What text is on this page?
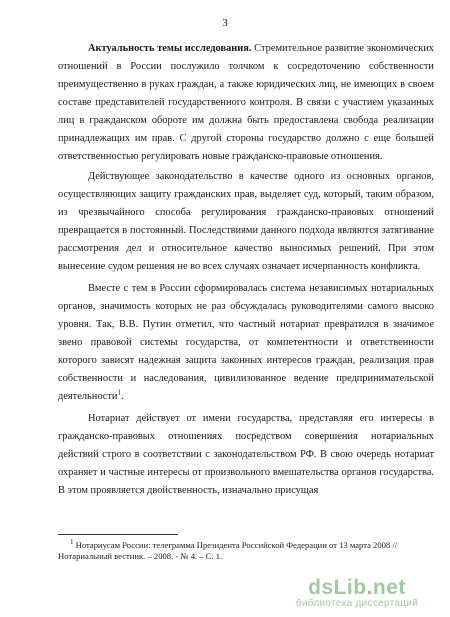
3

Актуальность темы исследования. Стремительное развитие экономических отношений в России послужило толчком к сосредоточению собственности преимущественно в руках граждан, а также юридических лиц, не имеющих в своем составе представителей государственного контроля. В связи с участием указанных лиц в гражданском обороте им должна быть предоставлена свобода реализации принадлежащих им прав. С другой стороны государство должно с еще большей ответственностью регулировать новые гражданско-правовые отношения.

Действующее законодательство в качестве одного из основных органов, осуществляющих защиту гражданских прав, выделяет суд, который, таким образом, из чрезвычайного способа регулирования гражданско-правовых отношений превращается в постоянный. Последствиями данного подхода являются затягивание рассмотрения дел и относительное качество выносимых решений. При этом вынесение судом решения не во всех случаях означает исчерпанность конфликта.

Вместе с тем в России сформировалась система независимых нотариальных органов, значимость которых не раз обсуждалась руководителями самого высоко уровня. Так, В.В. Путин отметил, что частный нотариат превратился в значимое звено правовой системы государства, от компетентности и ответственности которого зависят надежная защита законных интересов граждан, реализация прав собственности и наследования, цивилизованное ведение предпринимательской деятельности$^1$.

Нотариат действует от имени государства, представляя его интересы в гражданско-правовых отношениях посредством совершения нотариальных действий строго в соответствии с законодательством РФ. В свою очередь нотариат охраняет и частные интересы от произвольного вмешательства органов государства. В этом проявляется двойственность, изначально присущая

$^1$ Нотариусам России: телеграмма Президента Российской Федерации от 13 марта 2008 // Нотариальный вестник. – 2008. - № 4. – С. 1.

dsLib.net
библиотека диссертаций
